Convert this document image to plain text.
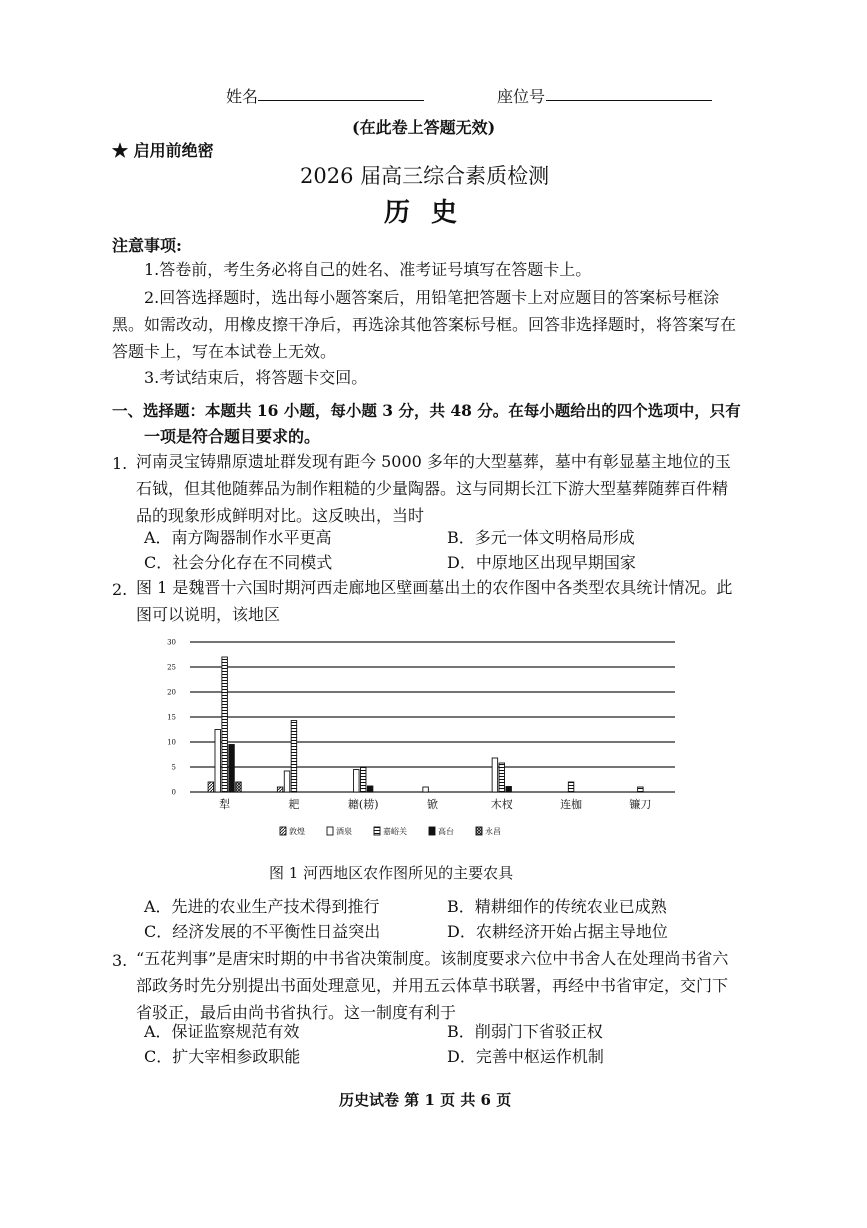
姓名	座位号
(在此卷上答题无效)
★ 启用前绝密
2026 届高三综合素质检测
历 史
注意事项:
1.答卷前，考生务必将自己的姓名、准考证号填写在答题卡上。
2.回答选择题时，选出每小题答案后，用铅笔把答题卡上对应题目的答案标号框涂黑。如需改动，用橡皮擦干净后，再选涂其他答案标号框。回答非选择题时，将答案写在答题卡上，写在本试卷上无效。
3.考试结束后，将答题卡交回。
一、选择题：本题共 16 小题，每小题 3 分，共 48 分。在每小题给出的四个选项中，只有
一项是符合题目要求的。
1. 河南灵宝铸鼎原遗址群发现有距今 5000 多年的大型墓葬，墓中有彰显墓主地位的玉石钺，但其他随葬品为制作粗糙的少量陶器。这与同期长江下游大型墓葬随葬百件精品的现象形成鲜明对比。这反映出，当时
A．南方陶器制作水平更高	B．多元一体文明格局形成
C．社会分化存在不同模式	D．中原地区出现早期国家
2. 图 1 是魏晋十六国时期河西走廊地区壁画墓出土的农作图中各类型农具统计情况。此图可以说明，该地区
0
5
10
15
20
25
30
犁	耙	耱(耢)	锨	木杈	连枷	镰刀
敦煌	酒泉	嘉峪关	高台	永昌
图 1 河西地区农作图所见的主要农具
A．先进的农业生产技术得到推行	B．精耕细作的传统农业已成熟
C．经济发展的不平衡性日益突出	D．农耕经济开始占据主导地位
3. “五花判事”是唐宋时期的中书省决策制度。该制度要求六位中书舍人在处理尚书省六部政务时先分别提出书面处理意见，并用五云体草书联署，再经中书省审定，交门下省驳正，最后由尚书省执行。这一制度有利于
A．保证监察规范有效	B．削弱门下省驳正权
C．扩大宰相参政职能	D．完善中枢运作机制
历史试卷 第 1 页 共 6 页
